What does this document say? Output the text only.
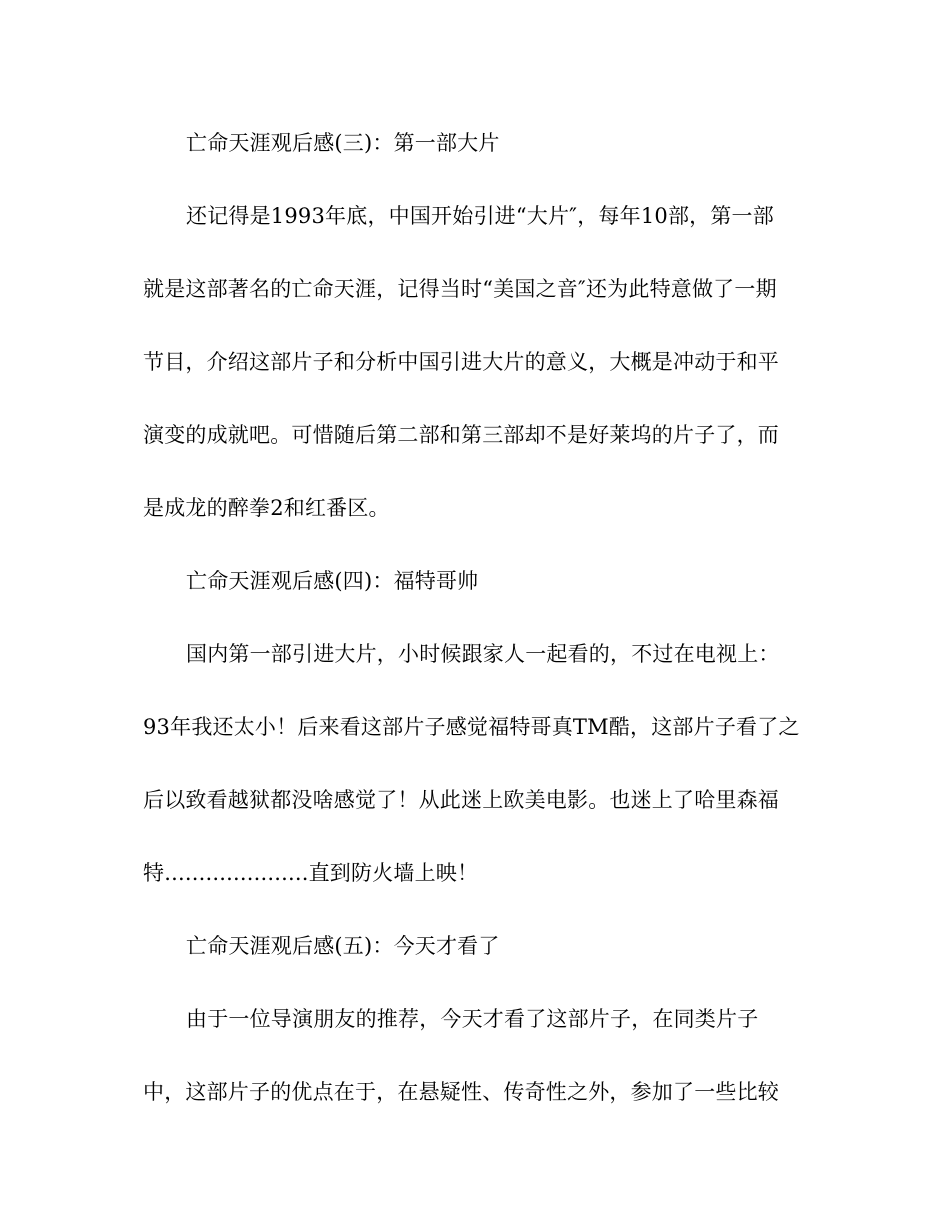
亡命天涯观后感(三)：第一部大片
还记得是1993年底，中国开始引进“大片″，每年10部，第一部
就是这部著名的亡命天涯，记得当时“美国之音″还为此特意做了一期
节目，介绍这部片子和分析中国引进大片的意义，大概是冲动于和平
演变的成就吧。可惜随后第二部和第三部却不是好莱坞的片子了，而
是成龙的醉拳2和红番区。
亡命天涯观后感(四)：福特哥帅
国内第一部引进大片，小时候跟家人一起看的，不过在电视上：
93年我还太小！后来看这部片子感觉福特哥真TM酷，这部片子看了之
后以致看越狱都没啥感觉了！从此迷上欧美电影。也迷上了哈里森福
特.....................直到防火墙上映！
亡命天涯观后感(五)：今天才看了
由于一位导演朋友的推荐，今天才看了这部片子，在同类片子
中，这部片子的优点在于，在悬疑性、传奇性之外，参加了一些比较
